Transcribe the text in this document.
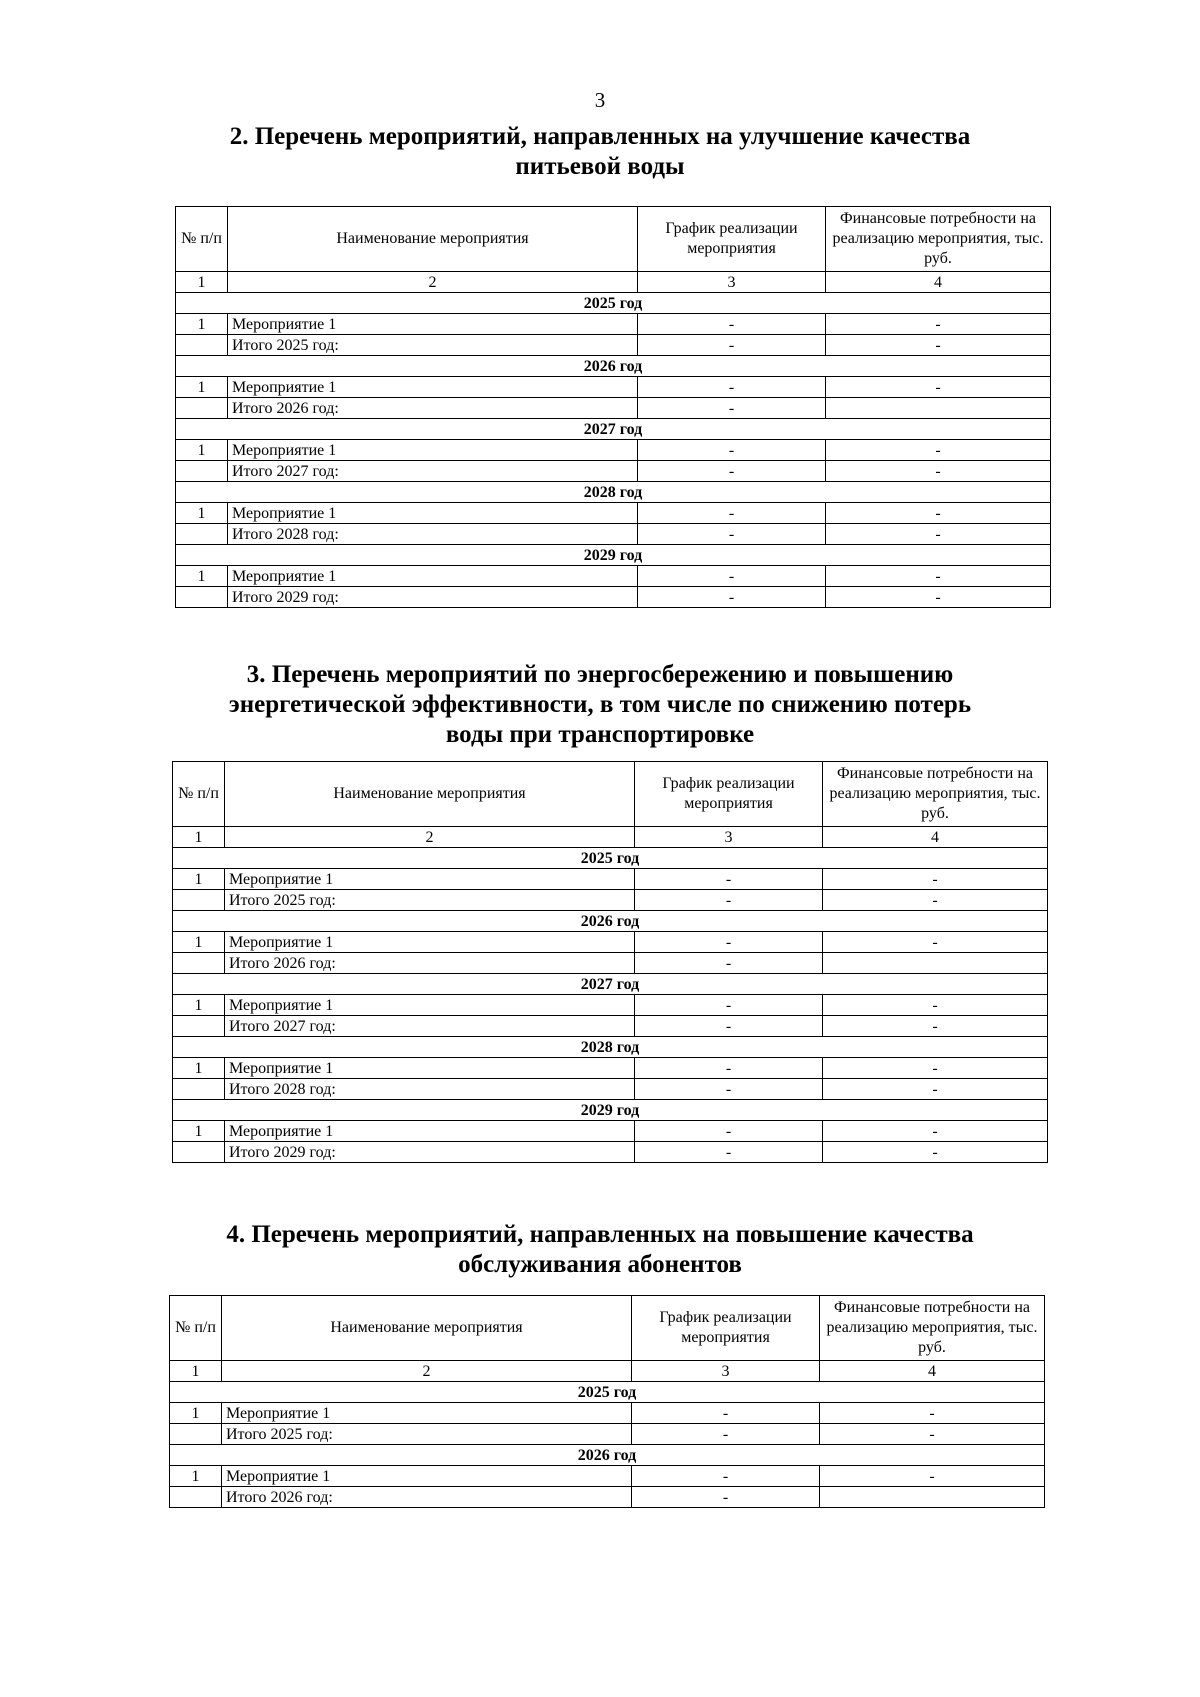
3
2. Перечень мероприятий, направленных на улучшение качества
питьевой воды
№ п/п	Наименование мероприятия	График реализации мероприятия	Финансовые потребности на реализацию мероприятия, тыс. руб.
1	2	3	4
2025 год			
1	Мероприятие 1	-	-
	Итого 2025 год:	-	-
2026 год			
1	Мероприятие 1	-	-
	Итого 2026 год:	-	
2027 год			
1	Мероприятие 1	-	-
	Итого 2027 год:	-	-
2028 год			
1	Мероприятие 1	-	-
	Итого 2028 год:	-	-
2029 год			
1	Мероприятие 1	-	-
	Итого 2029 год:	-	-
3. Перечень мероприятий по энергосбережению и повышению
энергетической эффективности, в том числе по снижению потерь
воды при транспортировке
№ п/п	Наименование мероприятия	График реализации мероприятия	Финансовые потребности на реализацию мероприятия, тыс. руб.
1	2	3	4
2025 год			
1	Мероприятие 1	-	-
	Итого 2025 год:	-	-
2026 год			
1	Мероприятие 1	-	-
	Итого 2026 год:	-	
2027 год			
1	Мероприятие 1	-	-
	Итого 2027 год:	-	-
2028 год			
1	Мероприятие 1	-	-
	Итого 2028 год:	-	-
2029 год			
1	Мероприятие 1	-	-
	Итого 2029 год:	-	-
4. Перечень мероприятий, направленных на повышение качества
обслуживания абонентов
№ п/п	Наименование мероприятия	График реализации мероприятия	Финансовые потребности на реализацию мероприятия, тыс. руб.
1	2	3	4
2025 год			
1	Мероприятие 1	-	-
	Итого 2025 год:	-	-
2026 год			
1	Мероприятие 1	-	-
	Итого 2026 год:	-	
